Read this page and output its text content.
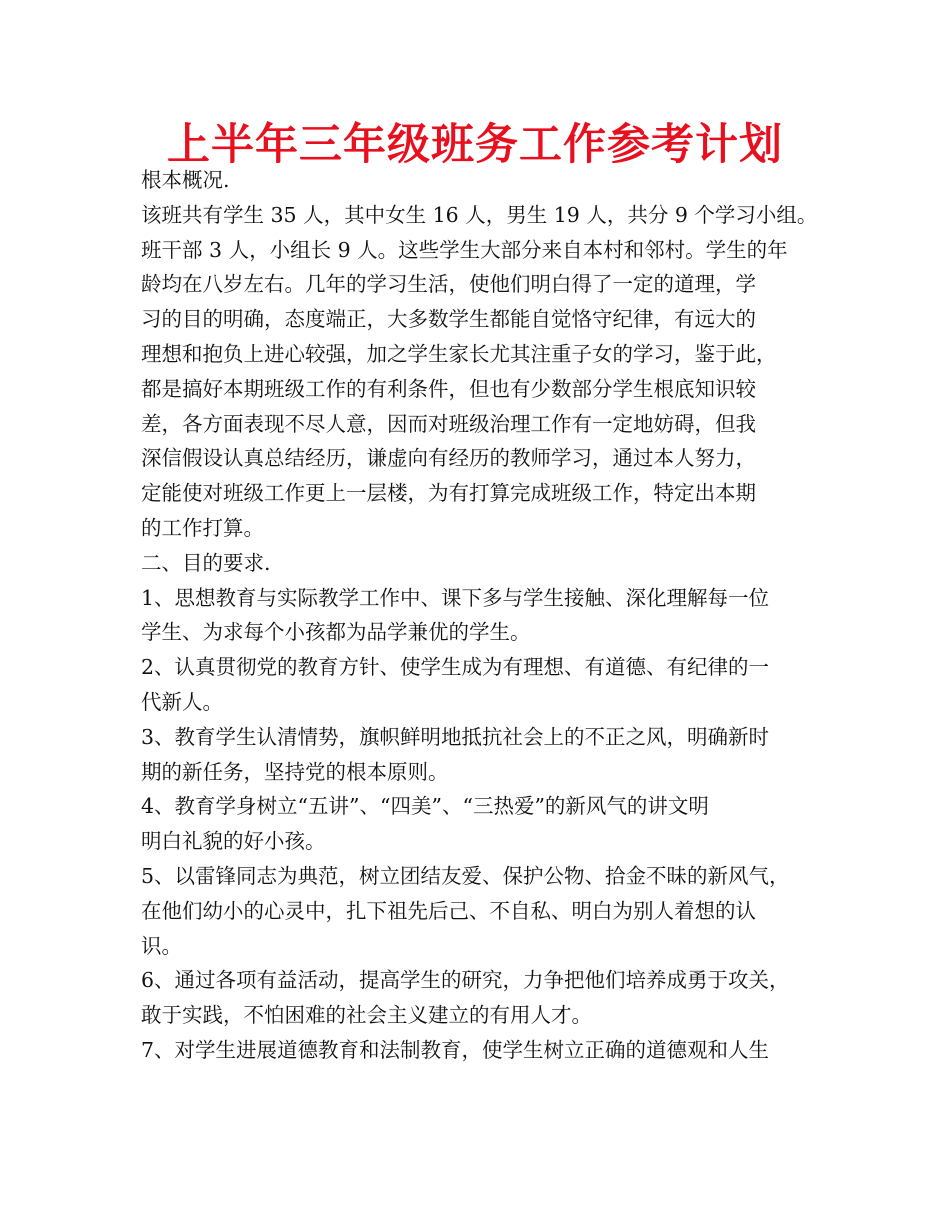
上半年三年级班务工作参考计划
根本概况.
该班共有学生 35 人，其中女生 16 人，男生 19 人，共分 9 个学习小组。
班干部 3 人，小组长 9 人。这些学生大部分来自本村和邻村。学生的年
龄均在八岁左右。几年的学习生活，使他们明白得了一定的道理，学
习的目的明确，态度端正，大多数学生都能自觉恪守纪律，有远大的
理想和抱负上进心较强，加之学生家长尤其注重子女的学习，鉴于此，
都是搞好本期班级工作的有利条件，但也有少数部分学生根底知识较
差，各方面表现不尽人意，因而对班级治理工作有一定地妨碍，但我
深信假设认真总结经历，谦虚向有经历的教师学习，通过本人努力，
定能使对班级工作更上一层楼，为有打算完成班级工作，特定出本期
的工作打算。
二、目的要求.
1、思想教育与实际教学工作中、课下多与学生接触、深化理解每一位
学生、为求每个小孩都为品学兼优的学生。
2、认真贯彻党的教育方针、使学生成为有理想、有道德、有纪律的一
代新人。
3、教育学生认清情势，旗帜鲜明地抵抗社会上的不正之风，明确新时
期的新任务，坚持党的根本原则。
4、教育学身树立“五讲”、“四美”、“三热爱”的新风气的讲文明
明白礼貌的好小孩。
5、以雷锋同志为典范，树立团结友爱、保护公物、拾金不昧的新风气，
在他们幼小的心灵中，扎下祖先后己、不自私、明白为别人着想的认
识。
6、通过各项有益活动，提高学生的研究，力争把他们培养成勇于攻关，
敢于实践，不怕困难的社会主义建立的有用人才。
7、对学生进展道德教育和法制教育，使学生树立正确的道德观和人生
